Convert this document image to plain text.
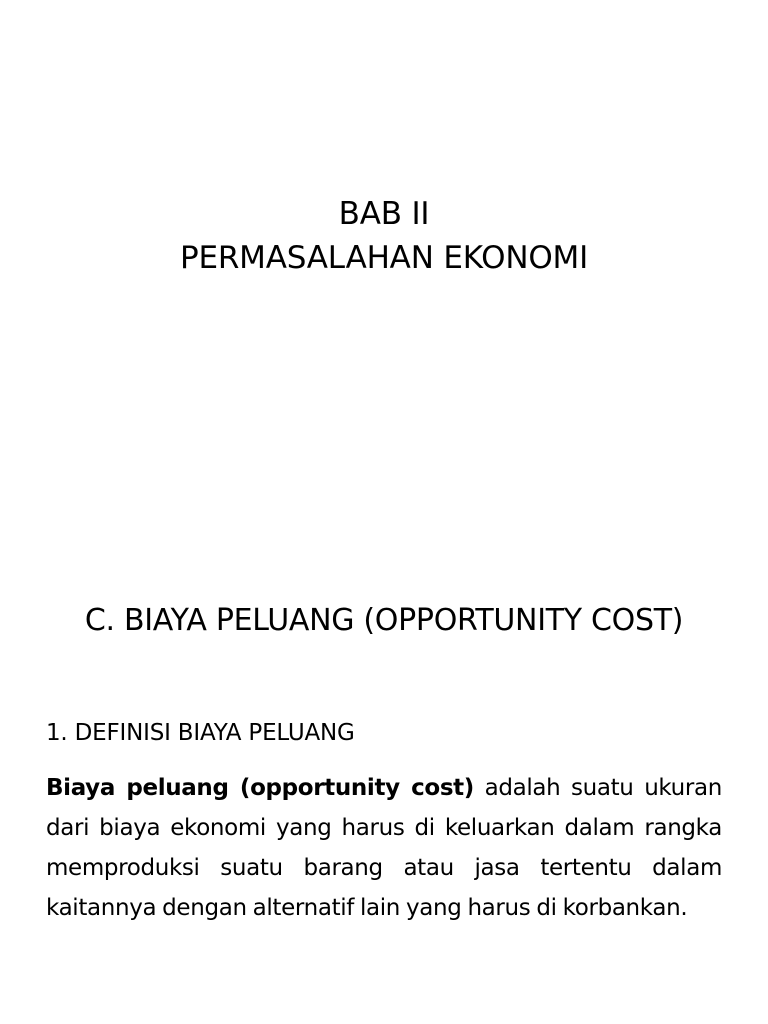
BAB II
PERMASALAHAN EKONOMI
C. BIAYA PELUANG (OPPORTUNITY COST)
1. DEFINISI BIAYA PELUANG

Biaya peluang (opportunity cost) adalah suatu ukuran dari biaya ekonomi yang harus di keluarkan dalam rangka memproduksi suatu barang atau jasa tertentu dalam kaitannya dengan alternatif lain yang harus di korbankan.
